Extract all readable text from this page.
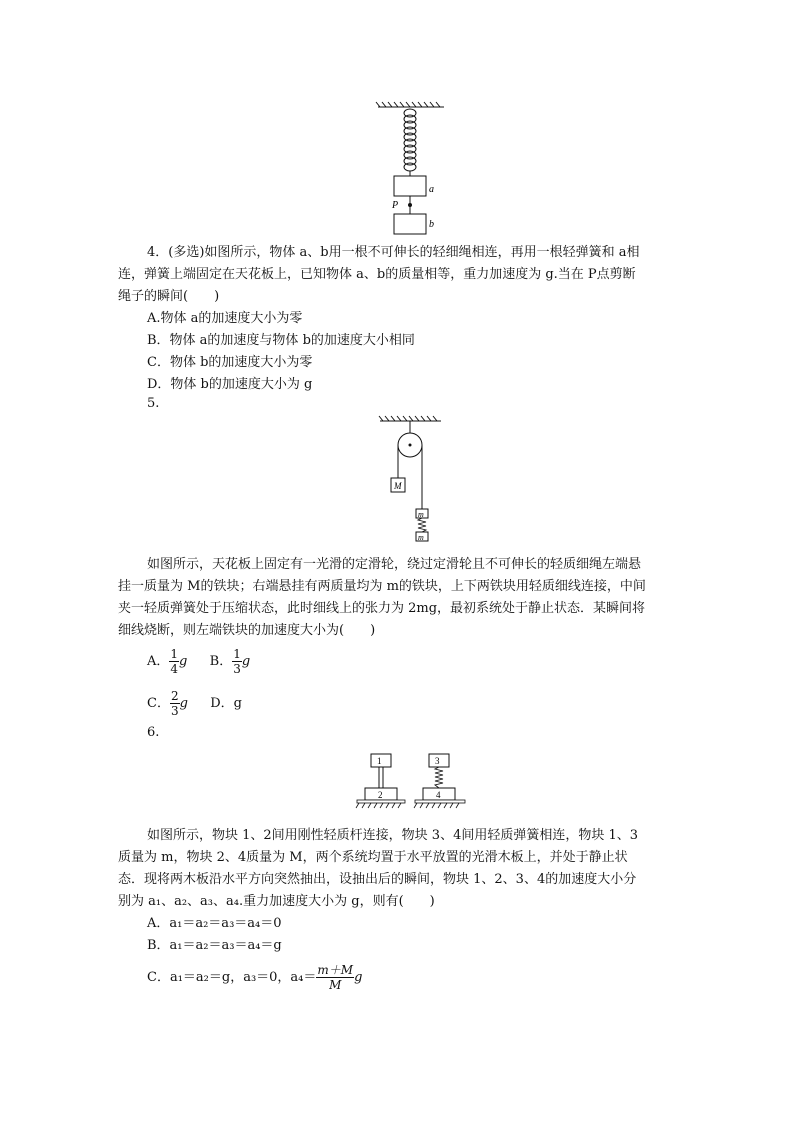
a
P
b
4．(多选)如图所示，物体 a、b用一根不可伸长的轻细绳相连，再用一根轻弹簧和 a相
连，弹簧上端固定在天花板上，已知物体 a、b的质量相等，重力加速度为 g.当在 P点剪断
绳子的瞬间(　　)
A.物体 a的加速度大小为零
B．物体 a的加速度与物体 b的加速度大小相同
C．物体 b的加速度大小为零
D．物体 b的加速度大小为 g
5.
M
m
m
如图所示，天花板上固定有一光滑的定滑轮，绕过定滑轮且不可伸长的轻质细绳左端悬
挂一质量为 M的铁块；右端悬挂有两质量均为 m的铁块，上下两铁块用轻质细线连接，中间
夹一轻质弹簧处于压缩状态，此时细线上的张力为 2mg，最初系统处于静止状态．某瞬间将
细线烧断，则左端铁块的加速度大小为(　　)
A． $\frac{1}{4}$ g B． $\frac{1}{3}$ g
C． $\frac{2}{3}$ g D．g
6.
1
2
3
4
如图所示，物块 1、2间用刚性轻质杆连接，物块 3、4间用轻质弹簧相连，物块 1、3
质量为 m，物块 2、4质量为 M，两个系统均置于水平放置的光滑木板上，并处于静止状
态．现将两木板沿水平方向突然抽出，设抽出后的瞬间，物块 1、2、3、4的加速度大小分
别为 a₁、a₂、a₃、a₄.重力加速度大小为 g，则有(　　)
A．a₁＝a₂＝a₃＝a₄＝0
B．a₁＝a₂＝a₃＝a₄＝g
C．a₁＝a₂＝g，a₃＝0，$a_4= \frac{m+M}{M}$ g
